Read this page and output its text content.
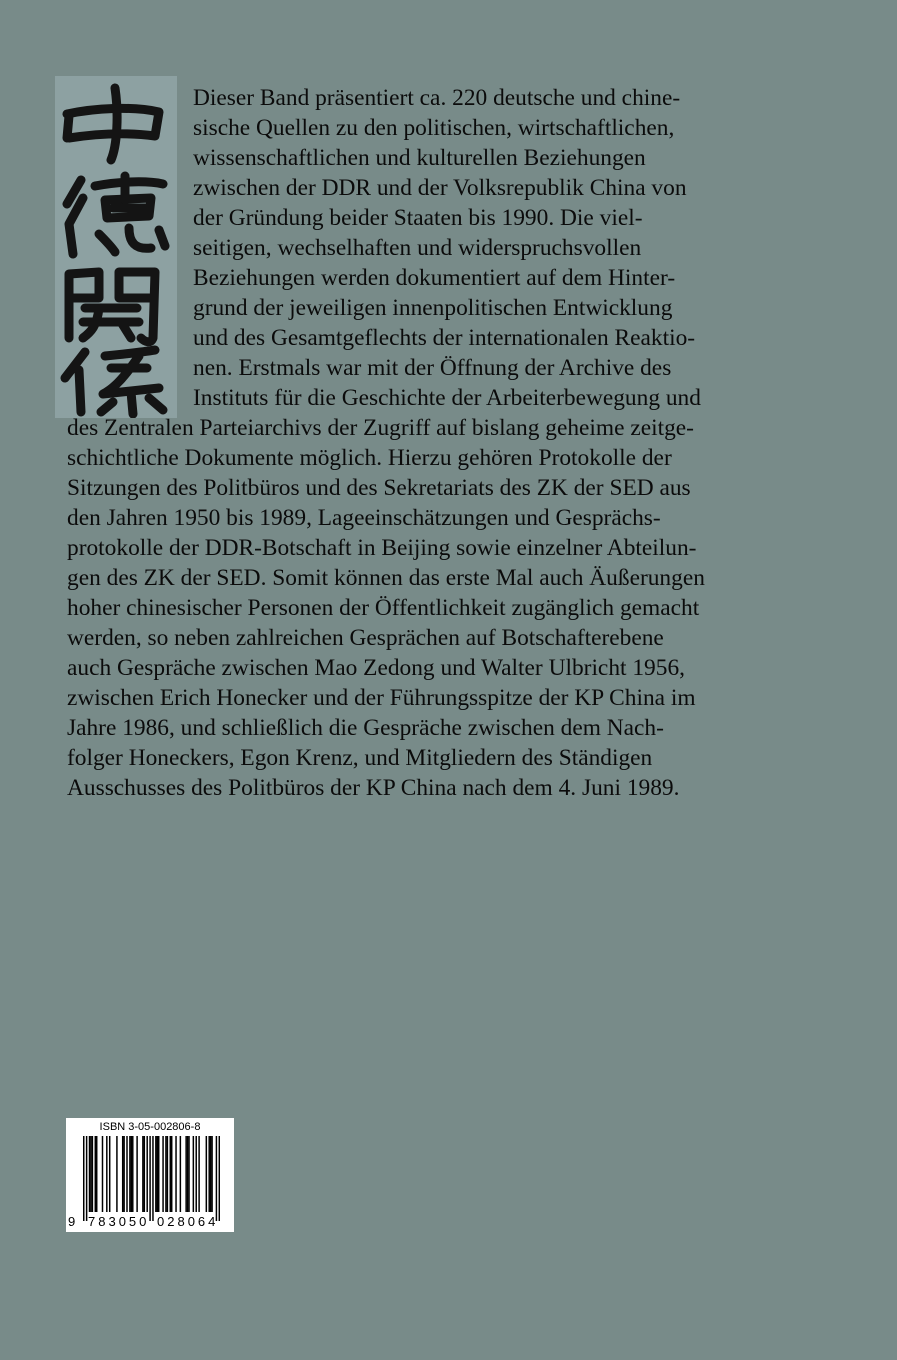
Dieser Band präsentiert ca. 220 deutsche und chine-
sische Quellen zu den politischen, wirtschaftlichen,
wissenschaftlichen und kulturellen Beziehungen
zwischen der DDR und der Volksrepublik China von
der Gründung beider Staaten bis 1990. Die viel-
seitigen, wechselhaften und widerspruchsvollen
Beziehungen werden dokumentiert auf dem Hinter-
grund der jeweiligen innenpolitischen Entwicklung
und des Gesamtgeflechts der internationalen Reaktio-
nen. Erstmals war mit der Öffnung der Archive des
Instituts für die Geschichte der Arbeiterbewegung und
des Zentralen Parteiarchivs der Zugriff auf bislang geheime zeitge-
schichtliche Dokumente möglich. Hierzu gehören Protokolle der
Sitzungen des Politbüros und des Sekretariats des ZK der SED aus
den Jahren 1950 bis 1989, Lageeinschätzungen und Gesprächs-
protokolle der DDR-Botschaft in Beijing sowie einzelner Abteilun-
gen des ZK der SED. Somit können das erste Mal auch Äußerungen
hoher chinesischer Personen der Öffentlichkeit zugänglich gemacht
werden, so neben zahlreichen Gesprächen auf Botschafterebene
auch Gespräche zwischen Mao Zedong und Walter Ulbricht 1956,
zwischen Erich Honecker und der Führungsspitze der KP China im
Jahre 1986, und schließlich die Gespräche zwischen dem Nach-
folger Honeckers, Egon Krenz, und Mitgliedern des Ständigen
Ausschusses des Politbüros der KP China nach dem 4. Juni 1989.
ISBN 3-05-002806-8
9 783050 028064
